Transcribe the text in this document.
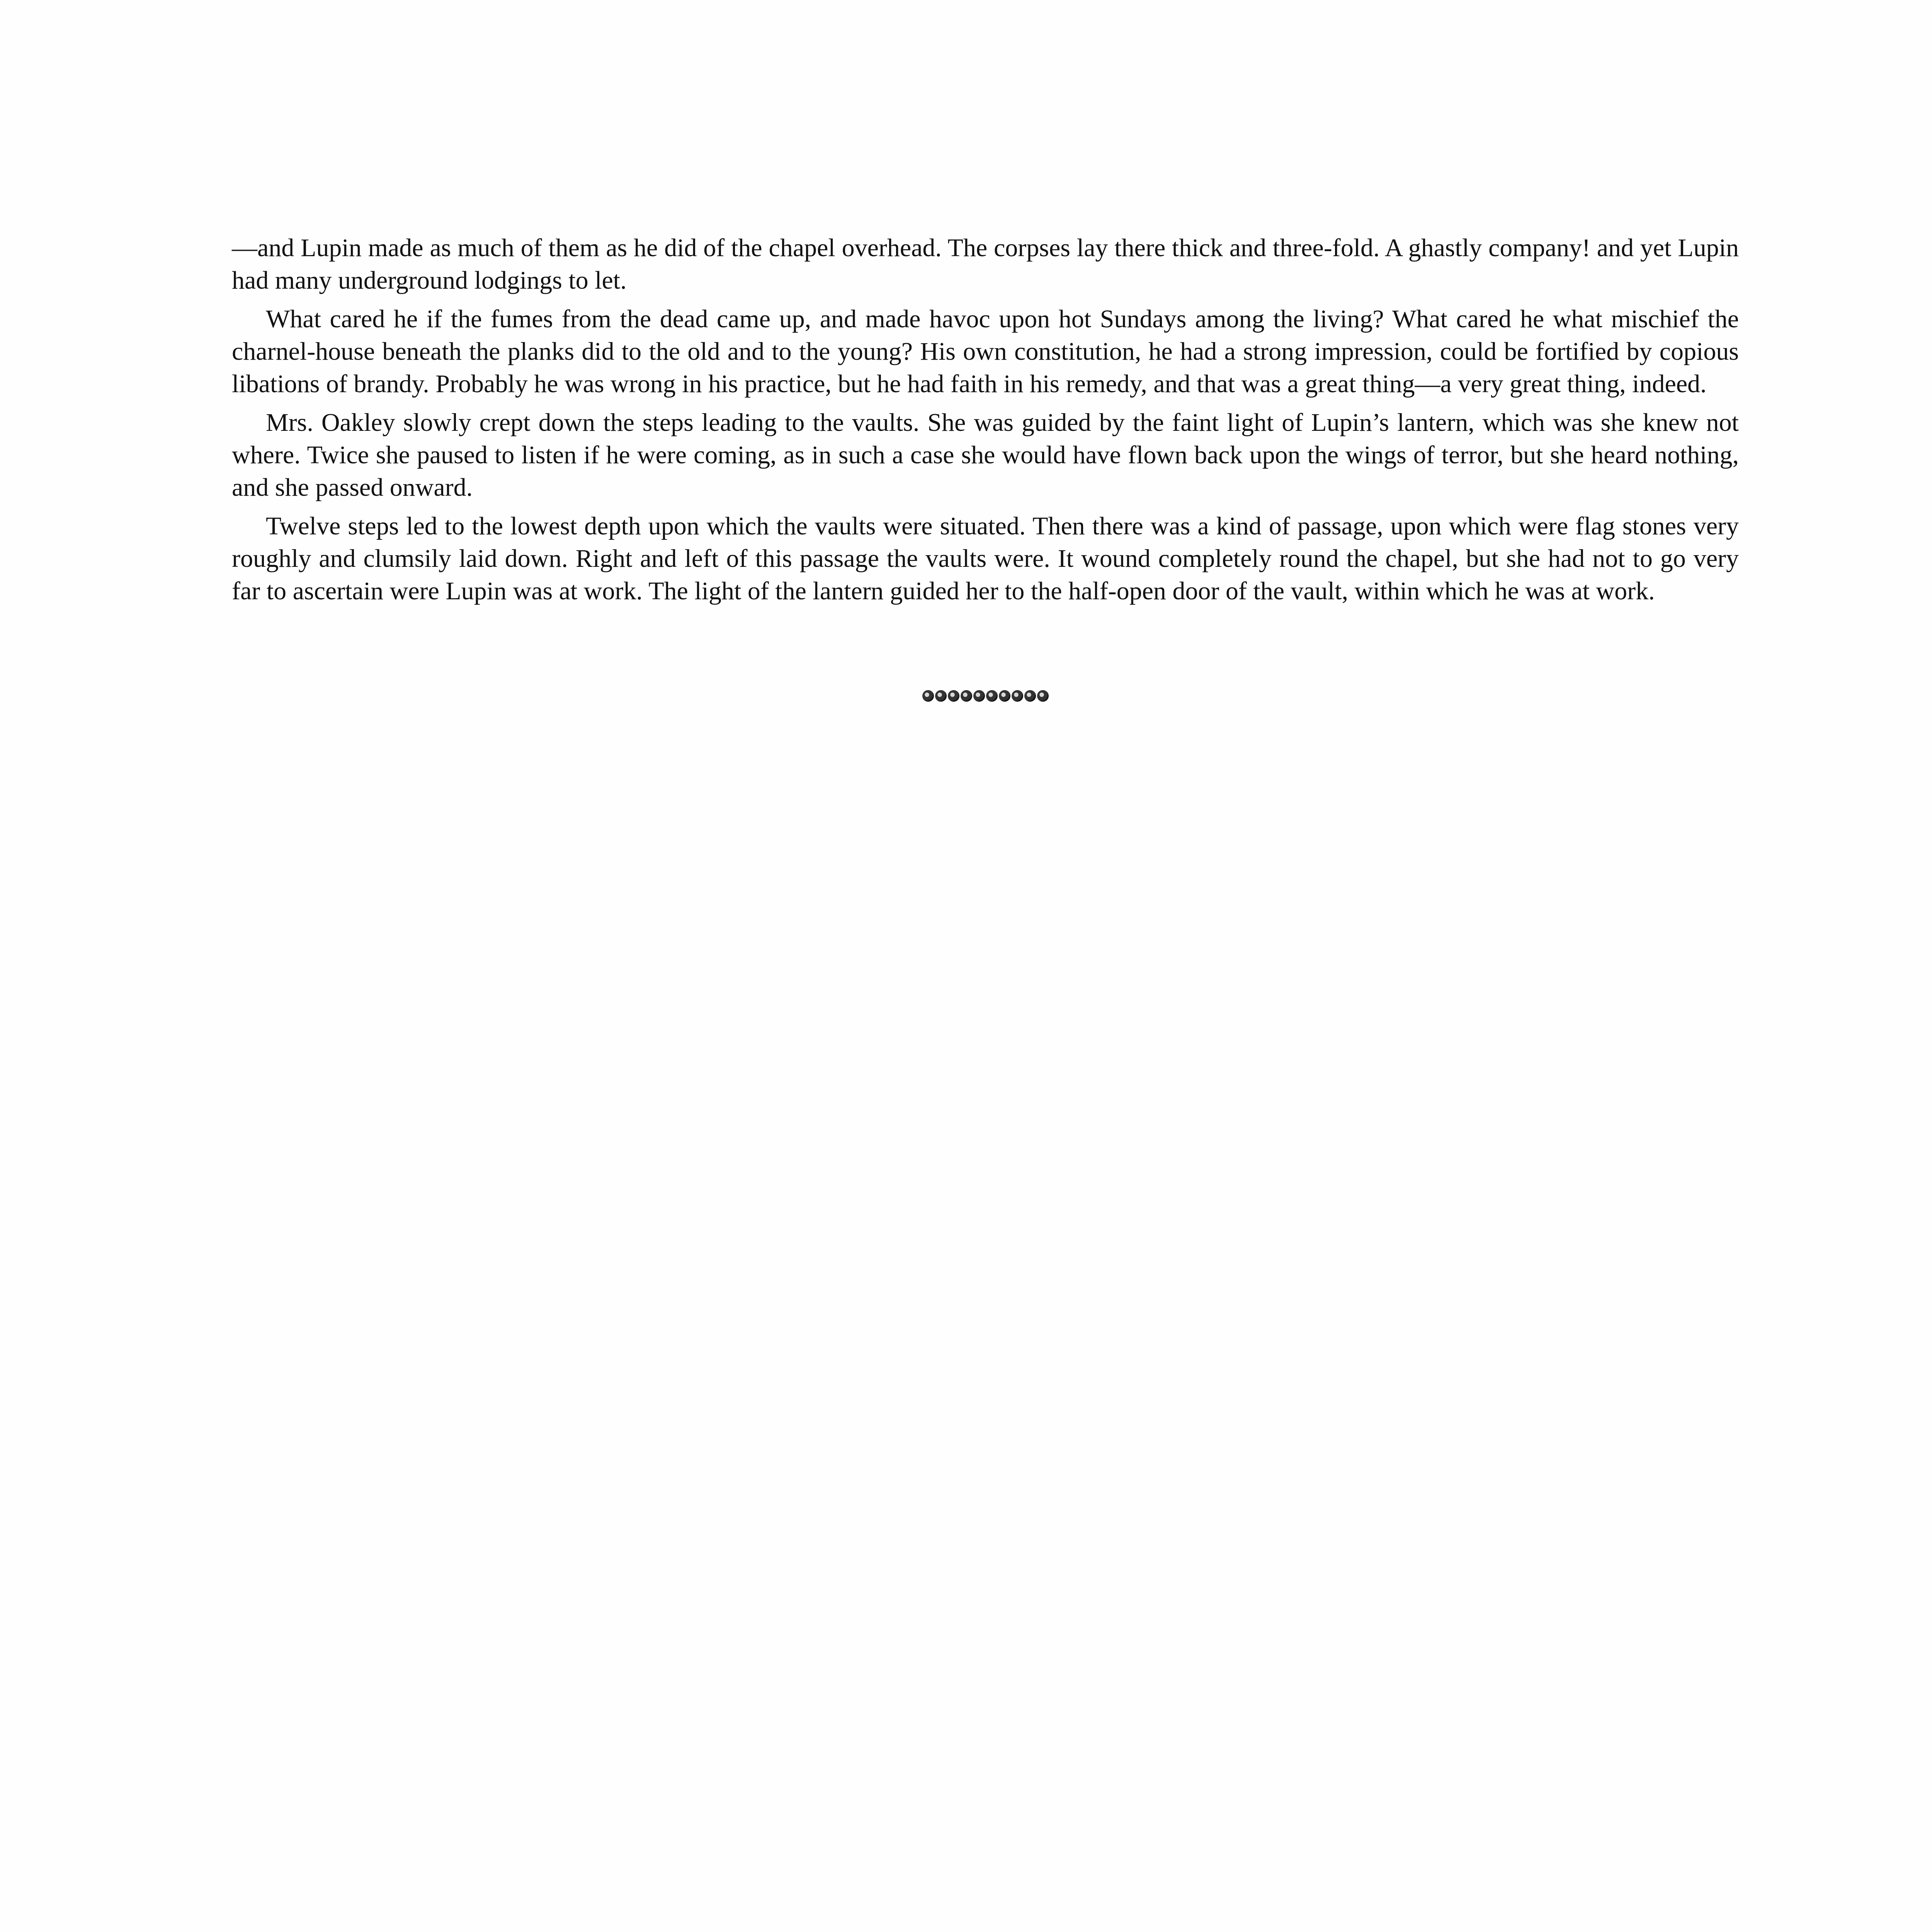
—and Lupin made as much of them as he did of the chapel overhead. The corpses lay there thick and three-fold. A ghastly company! and yet Lupin had many underground lodgings to let.

What cared he if the fumes from the dead came up, and made havoc upon hot Sundays among the living? What cared he what mischief the charnel-house beneath the planks did to the old and to the young? His own constitution, he had a strong impression, could be fortified by copious libations of brandy. Probably he was wrong in his practice, but he had faith in his remedy, and that was a great thing—a very great thing, indeed.

Mrs. Oakley slowly crept down the steps leading to the vaults. She was guided by the faint light of Lupin’s lantern, which was she knew not where. Twice she paused to listen if he were coming, as in such a case she would have flown back upon the wings of terror, but she heard nothing, and she passed onward.

Twelve steps led to the lowest depth upon which the vaults were situated. Then there was a kind of passage, upon which were flag stones very roughly and clumsily laid down. Right and left of this passage the vaults were. It wound completely round the chapel, but she had not to go very far to ascertain were Lupin was at work. The light of the lantern guided her to the half-open door of the vault, within which he was at work.
